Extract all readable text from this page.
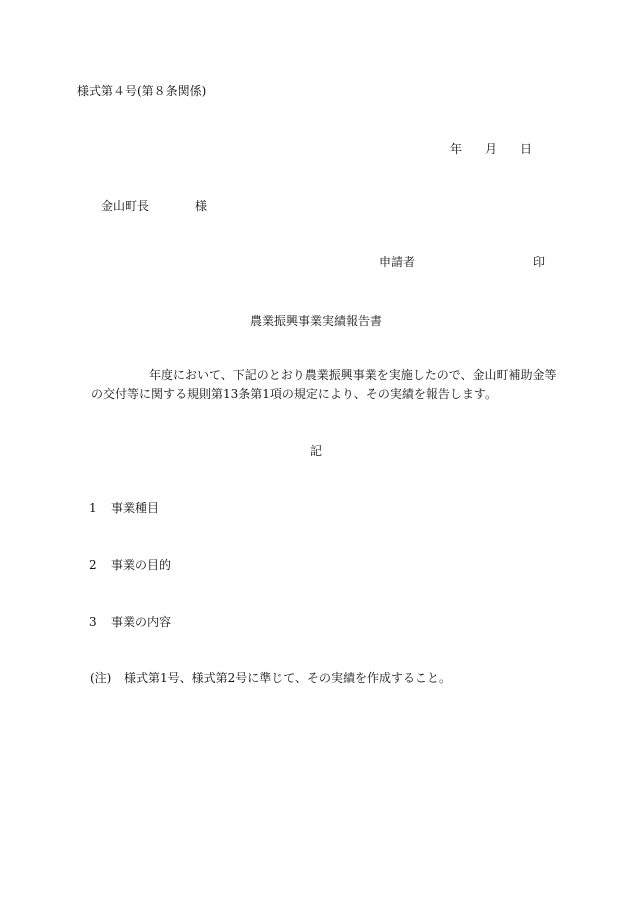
様式第４号(第８条関係)
年 月 日
金山町長	様
申請者	印
農業振興事業実績報告書
年度において、下記のとおり農業振興事業を実施したので、金山町補助金等
の交付等に関する規則第13条第1項の規定により、その実績を報告します。
記
1 事業種目
2 事業の目的
3 事業の内容
(注) 様式第1号、様式第2号に準じて、その実績を作成すること。
